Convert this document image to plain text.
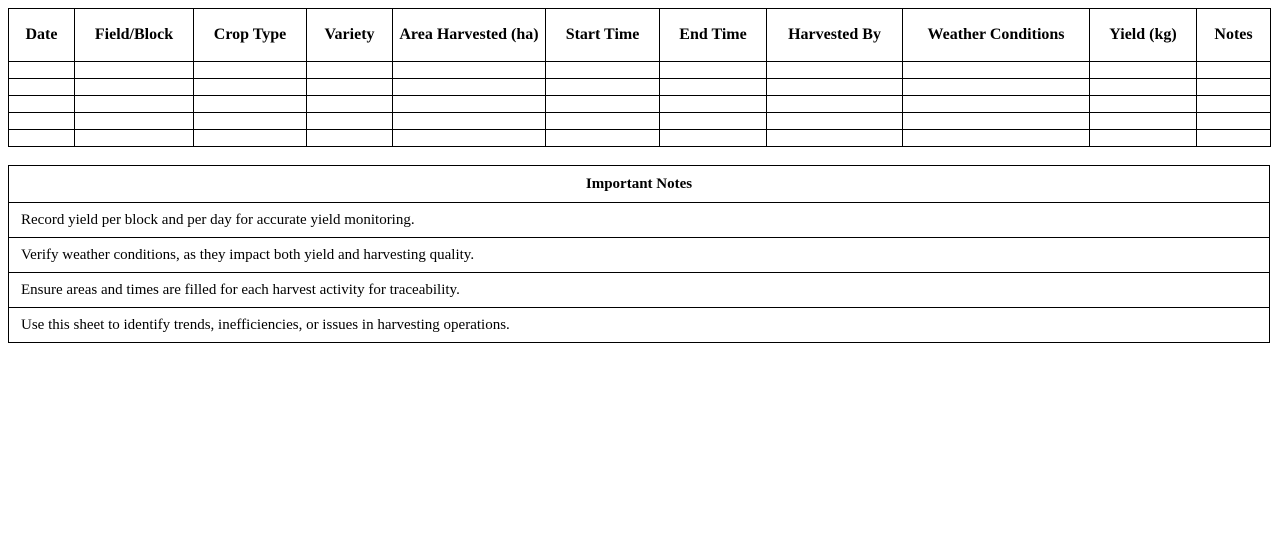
Date	Field/Block	Crop Type	Variety	Area Harvested (ha)	Start Time	End Time	Harvested By	Weather Conditions	Yield (kg)	Notes

Important Notes
Record yield per block and per day for accurate yield monitoring.
Verify weather conditions, as they impact both yield and harvesting quality.
Ensure areas and times are filled for each harvest activity for traceability.
Use this sheet to identify trends, inefficiencies, or issues in harvesting operations.
